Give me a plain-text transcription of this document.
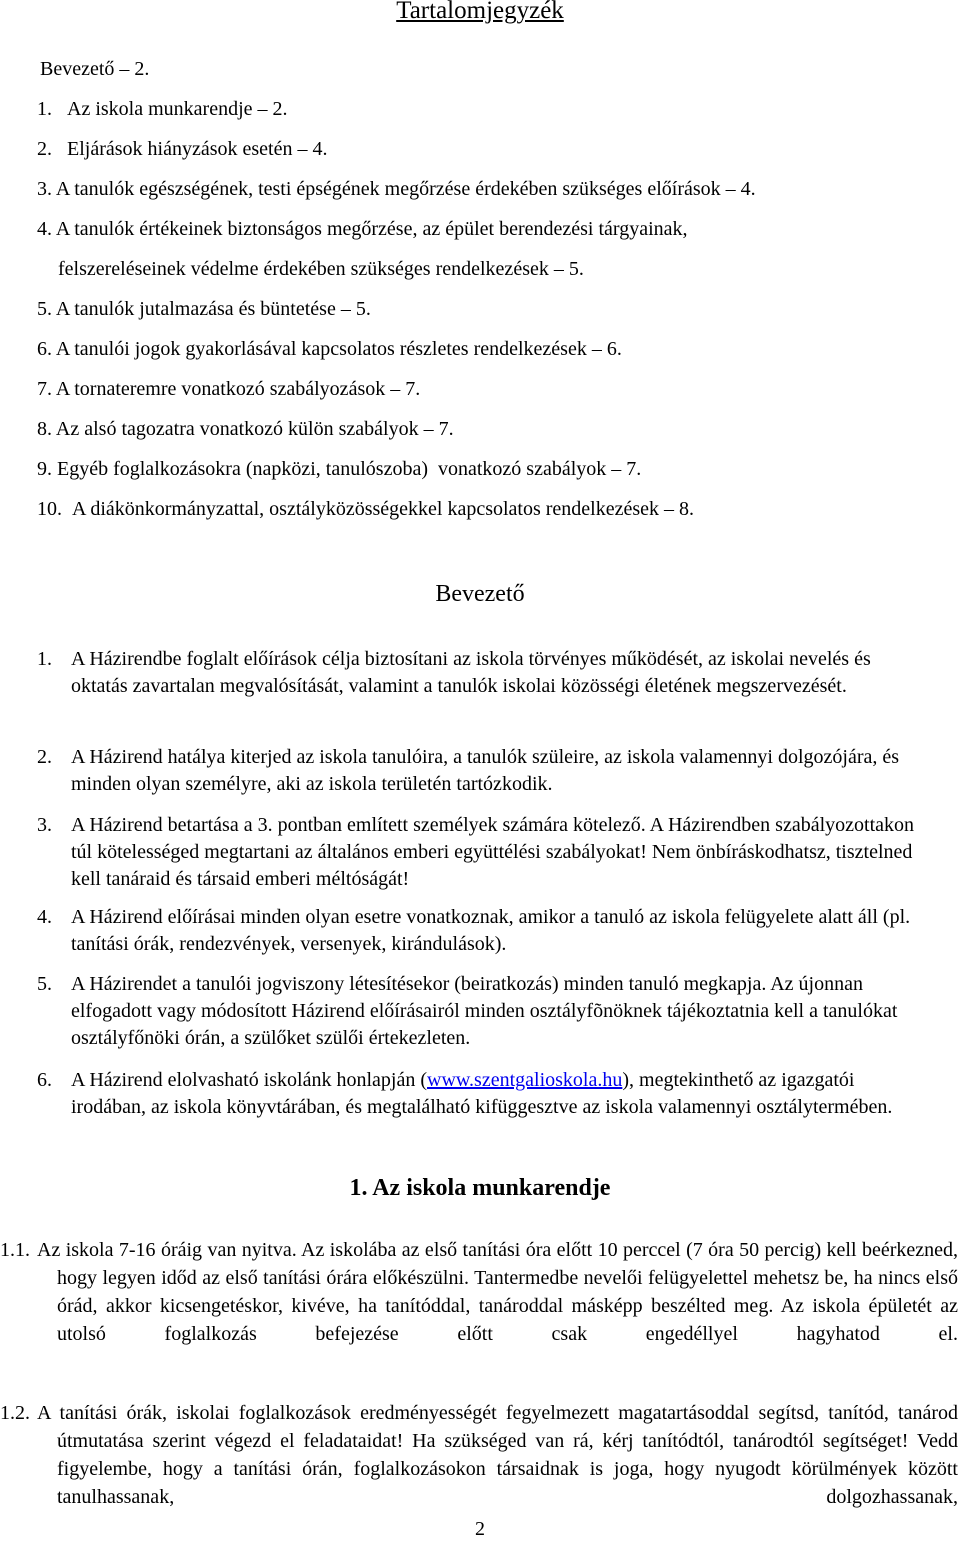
Tartalomjegyzék
Bevezető – 2.
1. Az iskola munkarendje – 2.
2. Eljárások hiányzások esetén – 4.
3. A tanulók egészségének, testi épségének megőrzése érdekében szükséges előírások – 4.
4. A tanulók értékeinek biztonságos megőrzése, az épület berendezési tárgyainak,
felszereléseinek védelme érdekében szükséges rendelkezések – 5.
5. A tanulók jutalmazása és büntetése – 5.
6. A tanulói jogok gyakorlásával kapcsolatos részletes rendelkezések – 6.
7. A tornateremre vonatkozó szabályozások – 7.
8. Az alsó tagozatra vonatkozó külön szabályok – 7.
9. Egyéb foglalkozásokra (napközi, tanulószoba)  vonatkozó szabályok – 7.
10. A diákönkormányzattal, osztályközösségekkel kapcsolatos rendelkezések – 8.
Bevezető
1. A Házirendbe foglalt előírások célja biztosítani az iskola törvényes működését, az iskolai nevelés és oktatás zavartalan megvalósítását, valamint a tanulók iskolai közösségi életének megszervezését.
2. A Házirend hatálya kiterjed az iskola tanulóira, a tanulók szüleire, az iskola valamennyi dolgozójára, és minden olyan személyre, aki az iskola területén tartózkodik.
3. A Házirend betartása a 3. pontban említett személyek számára kötelező. A Házirendben szabályozottakon túl kötelességed megtartani az általános emberi együttélési szabályokat! Nem önbíráskodhatsz, tisztelned kell tanáraid és társaid emberi méltóságát!
4. A Házirend előírásai minden olyan esetre vonatkoznak, amikor a tanuló az iskola felügyelete alatt áll (pl. tanítási órák, rendezvények, versenyek, kirándulások).
5. A Házirendet a tanulói jogviszony létesítésekor (beiratkozás) minden tanuló megkapja. Az újonnan elfogadott vagy módosított Házirend előírásairól minden osztályfõnöknek tájékoztatnia kell a tanulókat osztályfőnöki órán, a szülőket szülői értekezleten.
6. A Házirend elolvasható iskolánk honlapján (www.szentgalioskola.hu), megtekinthető az igazgatói irodában, az iskola könyvtárában, és megtalálható kifüggesztve az iskola valamennyi osztálytermében.
1. Az iskola munkarendje
1.1. Az iskola 7-16 óráig van nyitva. Az iskolába az első tanítási óra előtt 10 perccel (7 óra 50 percig) kell beérkezned, hogy legyen időd az első tanítási órára előkészülni. Tantermedbe nevelői felügyelettel mehetsz be, ha nincs első órád, akkor kicsengetéskor, kivéve, ha tanítóddal, tanároddal másképp beszélted meg. Az iskola épületét az utolsó foglalkozás befejezése előtt csak engedéllyel hagyhatod el.
1.2. A tanítási órák, iskolai foglalkozások eredményességét fegyelmezett magatartásoddal segítsd, tanítód, tanárod útmutatása szerint végezd el feladataidat! Ha szükséged van rá, kérj tanítódtól, tanárodtól segítséget! Vedd figyelembe, hogy a tanítási órán, foglalkozásokon társaidnak is joga, hogy nyugodt körülmények között tanulhassanak, dolgozhassanak,
2
